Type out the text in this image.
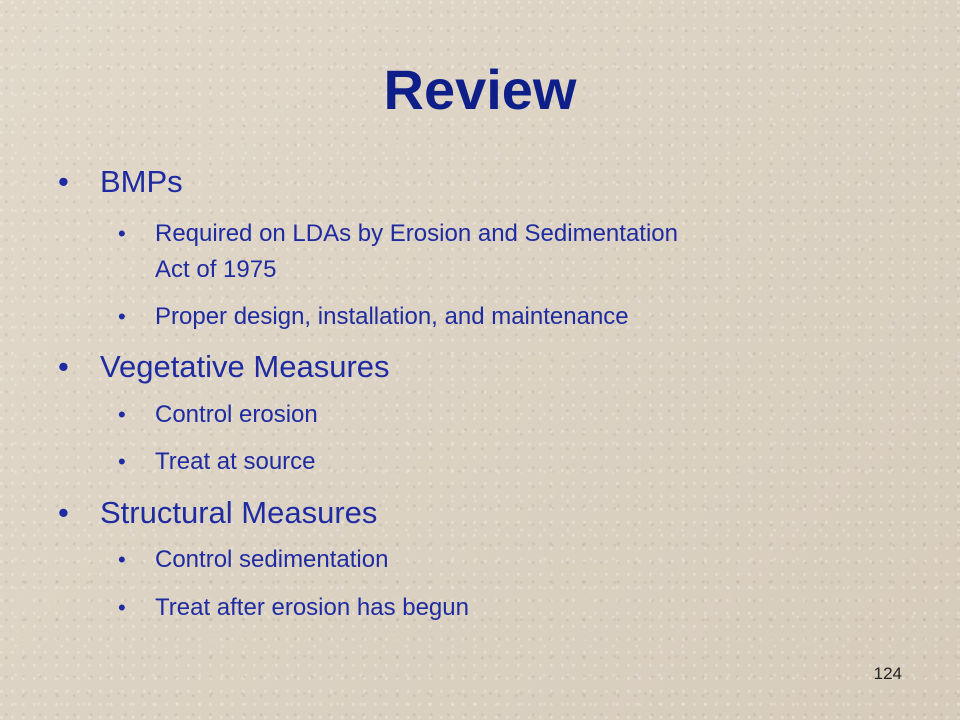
Review
• BMPs
• Required on LDAs by Erosion and Sedimentation
Act of 1975
• Proper design, installation, and maintenance
• Vegetative Measures
• Control erosion
• Treat at source
• Structural Measures
• Control sedimentation
• Treat after erosion has begun
124
